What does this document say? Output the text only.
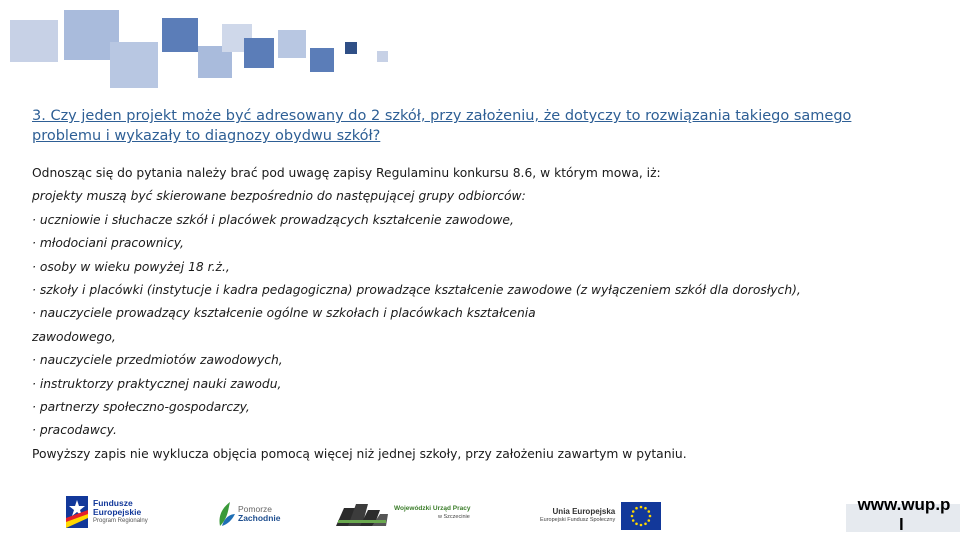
3. Czy jeden projekt może być adresowany do 2 szkół, przy założeniu, że dotyczy to rozwiązania takiego samego problemu i wykazały to diagnozy obydwu szkół?
Odnosząc się do pytania należy brać pod uwagę zapisy Regulaminu konkursu 8.6, w którym mowa, iż:
projekty muszą być skierowane bezpośrednio do następującej grupy odbiorców:
· uczniowie i słuchacze szkół i placówek prowadzących kształcenie zawodowe,
· młodociani pracownicy,
· osoby w wieku powyżej 18 r.ż.,
· szkoły i placówki (instytucje i kadra pedagogiczna) prowadzące kształcenie zawodowe (z wyłączeniem szkół dla dorosłych),
· nauczyciele prowadzący kształcenie ogólne w szkołach i placówkach kształcenia
zawodowego,
· nauczyciele przedmiotów zawodowych,
· instruktorzy praktycznej nauki zawodu,
· partnerzy społeczno-gospodarczy,
· pracodawcy.
Powyższy zapis nie wyklucza objęcia pomocą więcej niż jednej szkoły, przy założeniu zawartym w pytaniu.
Fundusze
Europejskie
Program Regionalny
Pomorze
Zachodnie
Wojewódzki Urząd Pracy
w Szczecinie
Unia Europejska
Europejski Fundusz Społeczny
www.wup.p
l
